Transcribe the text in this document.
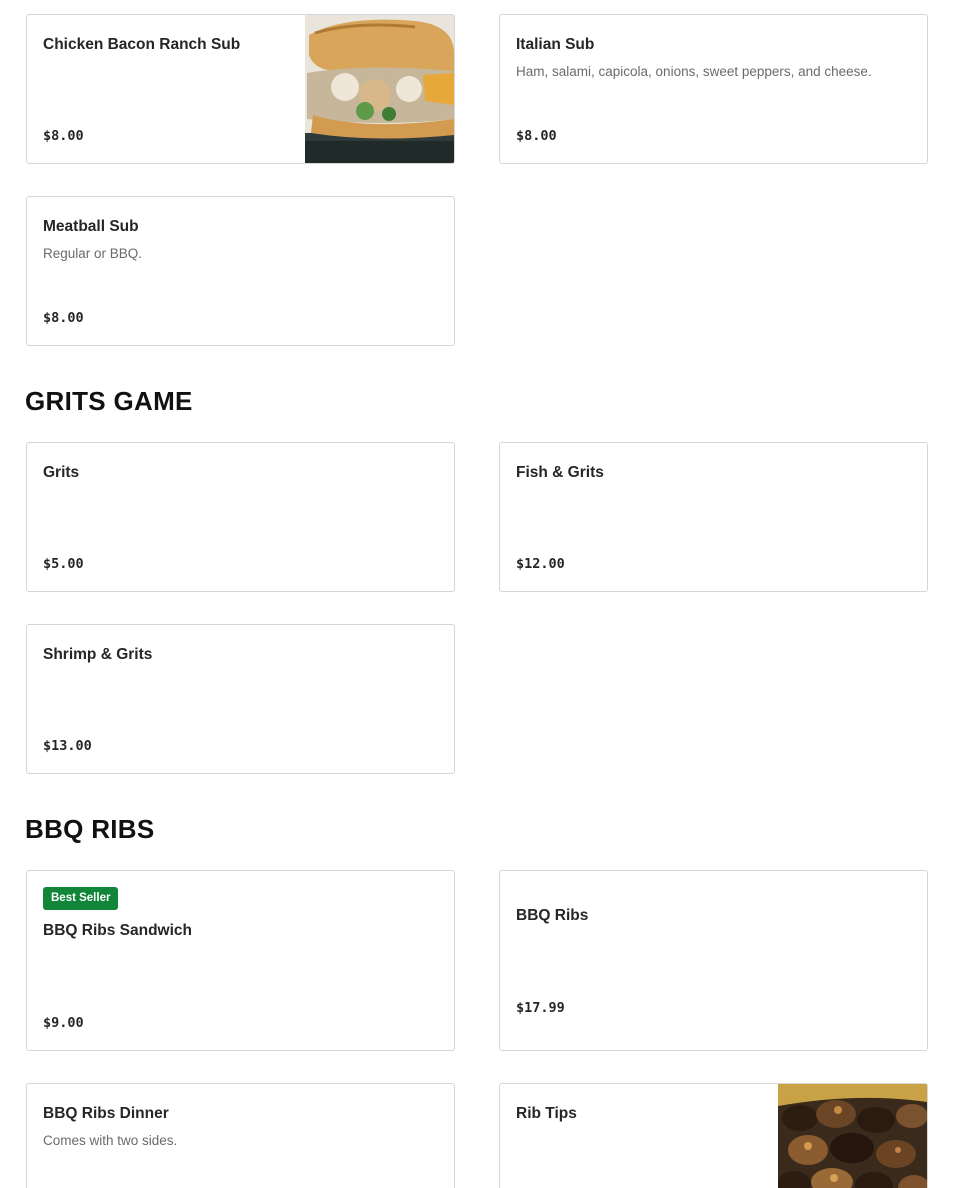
Chicken Bacon Ranch Sub
$8.00
Italian Sub
Ham, salami, capicola, onions, sweet peppers, and cheese.
$8.00
Meatball Sub
Regular or BBQ.
$8.00
GRITS GAME
Grits
$5.00
Fish & Grits
$12.00
Shrimp & Grits
$13.00
BBQ RIBS
Best Seller
BBQ Ribs Sandwich
$9.00
BBQ Ribs
$17.99
BBQ Ribs Dinner
Comes with two sides.
Rib Tips
